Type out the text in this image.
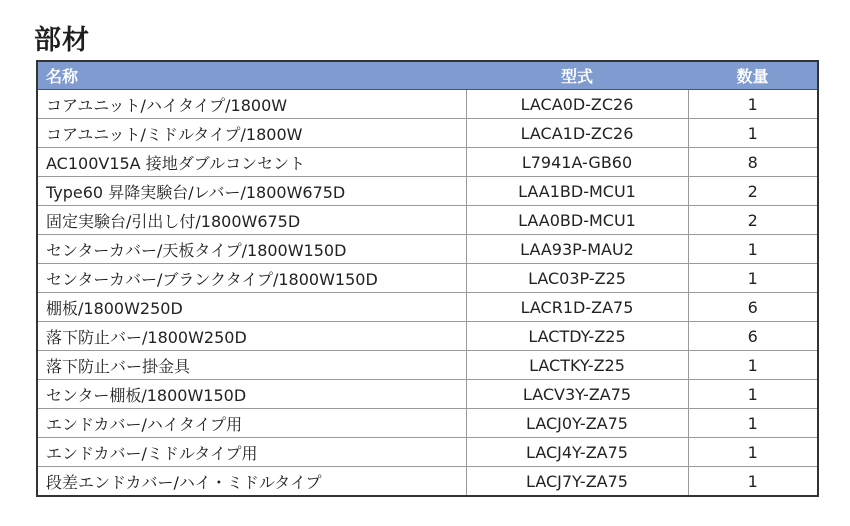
部材
名称	型式	数量
コアユニット/ハイタイプ/1800W	LACA0D-ZC26	1
コアユニット/ミドルタイプ/1800W	LACA1D-ZC26	1
AC100V15A 接地ダブルコンセント	L7941A-GB60	8
Type60 昇降実験台/レバー/1800W675D	LAA1BD-MCU1	2
固定実験台/引出し付/1800W675D	LAA0BD-MCU1	2
センターカバー/天板タイプ/1800W150D	LAA93P-MAU2	1
センターカバー/ブランクタイプ/1800W150D	LAC03P-Z25	1
棚板/1800W250D	LACR1D-ZA75	6
落下防止バー/1800W250D	LACTDY-Z25	6
落下防止バー掛金具	LACTKY-Z25	1
センター棚板/1800W150D	LACV3Y-ZA75	1
エンドカバー/ハイタイプ用	LACJ0Y-ZA75	1
エンドカバー/ミドルタイプ用	LACJ4Y-ZA75	1
段差エンドカバー/ハイ・ミドルタイプ	LACJ7Y-ZA75	1
